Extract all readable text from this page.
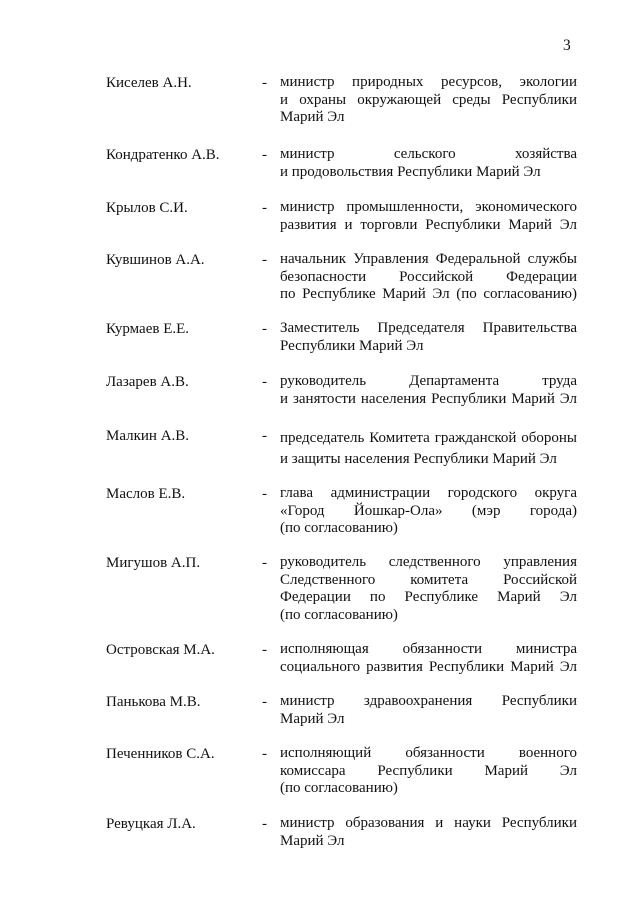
3
Киселев А.Н.	- министр природных ресурсов, экологии
и охраны окружающей среды Республики
Марий Эл
Кондратенко А.В.	- министр сельского хозяйства
и продовольствия Республики Марий Эл
Крылов С.И.	- министр промышленности, экономического
развития и торговли Республики Марий Эл
Кувшинов А.А.	- начальник Управления Федеральной службы
безопасности Российской Федерации
по Республике Марий Эл (по согласованию)
Курмаев Е.Е.	- Заместитель Председателя Правительства
Республики Марий Эл
Лазарев А.В.	- руководитель Департамента труда
и занятости населения Республики Марий Эл
Малкин А.В.	- председатель Комитета гражданской обороны
и защиты населения Республики Марий Эл
Маслов Е.В.	- глава администрации городского округа
«Город Йошкар-Ола» (мэр города)
(по согласованию)
Мигушов А.П.	- руководитель следственного управления
Следственного комитета Российской
Федерации по Республике Марий Эл
(по согласованию)
Островская М.А.	- исполняющая обязанности министра
социального развития Республики Марий Эл
Панькова М.В.	- министр здравоохранения Республики
Марий Эл
Печенников С.А.	- исполняющий обязанности военного
комиссара Республики Марий Эл
(по согласованию)
Ревуцкая Л.А.	- министр образования и науки Республики
Марий Эл
